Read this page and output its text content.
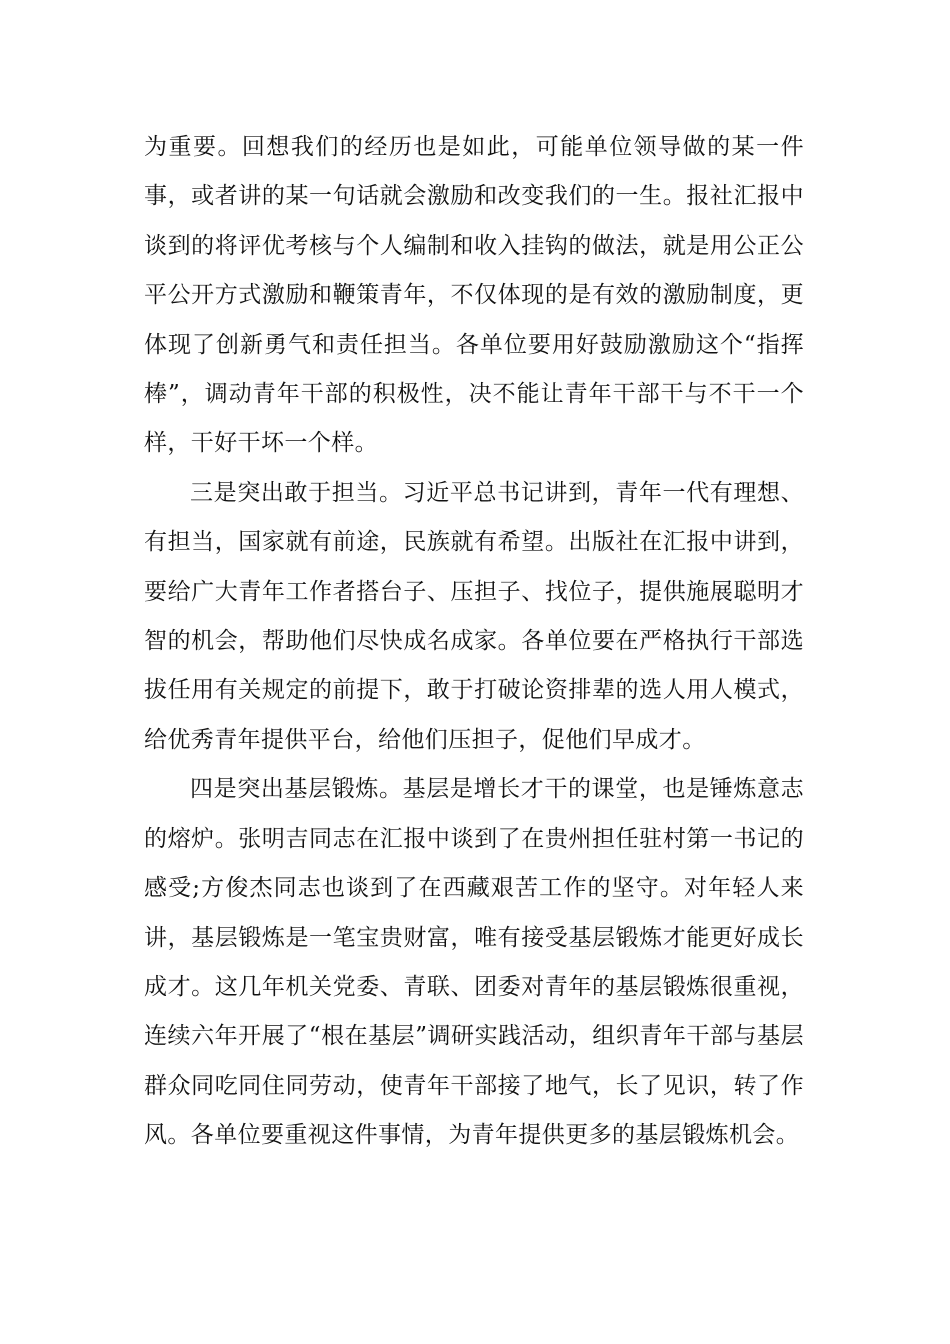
为重要。回想我们的经历也是如此，可能单位领导做的某一件事，或者讲的某一句话就会激励和改变我们的一生。报社汇报中谈到的将评优考核与个人编制和收入挂钩的做法，就是用公正公平公开方式激励和鞭策青年，不仅体现的是有效的激励制度，更体现了创新勇气和责任担当。各单位要用好鼓励激励这个“指挥棒”，调动青年干部的积极性，决不能让青年干部干与不干一个样，干好干坏一个样。

三是突出敢于担当。习近平总书记讲到，青年一代有理想、有担当，国家就有前途，民族就有希望。出版社在汇报中讲到，要给广大青年工作者搭台子、压担子、找位子，提供施展聪明才智的机会，帮助他们尽快成名成家。各单位要在严格执行干部选拔任用有关规定的前提下，敢于打破论资排辈的选人用人模式，给优秀青年提供平台，给他们压担子，促他们早成才。

四是突出基层锻炼。基层是增长才干的课堂，也是锤炼意志的熔炉。张明吉同志在汇报中谈到了在贵州担任驻村第一书记的感受;方俊杰同志也谈到了在西藏艰苦工作的坚守。对年轻人来讲，基层锻炼是一笔宝贵财富，唯有接受基层锻炼才能更好成长成才。这几年机关党委、青联、团委对青年的基层锻炼很重视，连续六年开展了“根在基层”调研实践活动，组织青年干部与基层群众同吃同住同劳动，使青年干部接了地气，长了见识，转了作风。各单位要重视这件事情，为青年提供更多的基层锻炼机会。
